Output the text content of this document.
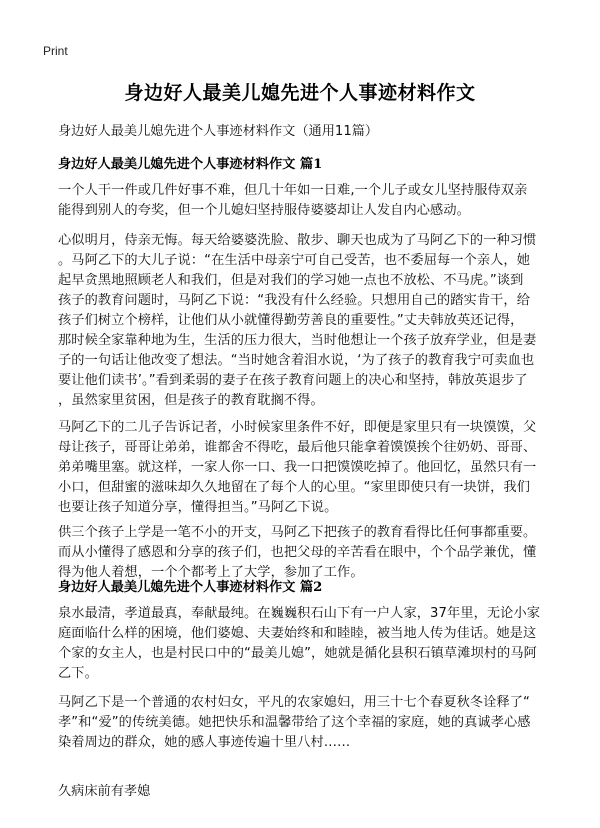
Print
身边好人最美儿媳先进个人事迹材料作文
身边好人最美儿媳先进个人事迹材料作文（通用11篇）
身边好人最美儿媳先进个人事迹材料作文 篇1
一个人干一件或几件好事不难，但几十年如一日难,一个儿子或女儿坚持服侍双亲
能得到别人的夸奖，但一个儿媳妇坚持服侍婆婆却让人发自内心感动。
心似明月，侍亲无悔。每天给婆婆洗脸、散步、聊天也成为了马阿乙下的一种习惯
。马阿乙下的大儿子说：“在生活中母亲宁可自己受苦，也不委屈每一个亲人，她
起早贪黑地照顾老人和我们，但是对我们的学习她一点也不放松、不马虎。”谈到
孩子的教育问题时，马阿乙下说：“我没有什么经验。只想用自己的踏实肯干，给
孩子们树立个榜样，让他们从小就懂得勤劳善良的重要性。”丈夫韩放英还记得，
那时候全家靠种地为生，生活的压力很大，当时他想让一个孩子放弃学业，但是妻
子的一句话让他改变了想法。“当时她含着泪水说，‘为了孩子的教育我宁可卖血也
要让他们读书’。”看到柔弱的妻子在孩子教育问题上的决心和坚持，韩放英退步了
，虽然家里贫困，但是孩子的教育耽搁不得。
马阿乙下的二儿子告诉记者，小时候家里条件不好，即便是家里只有一块馍馍，父
母让孩子，哥哥让弟弟，谁都舍不得吃，最后他只能拿着馍馍挨个往奶奶、哥哥、
弟弟嘴里塞。就这样，一家人你一口、我一口把馍馍吃掉了。他回忆，虽然只有一
小口，但甜蜜的滋味却久久地留在了每个人的心里。“家里即使只有一块饼，我们
也要让孩子知道分享，懂得担当。”马阿乙下说。
供三个孩子上学是一笔不小的开支，马阿乙下把孩子的教育看得比任何事都重要。
而从小懂得了感恩和分享的孩子们，也把父母的辛苦看在眼中，个个品学兼优，懂
得为他人着想，一个个都考上了大学，参加了工作。
身边好人最美儿媳先进个人事迹材料作文 篇2
泉水最清，孝道最真，奉献最纯。在巍巍积石山下有一户人家，37年里，无论小家
庭面临什么样的困境，他们婆媳、夫妻始终和和睦睦，被当地人传为佳话。她是这
个家的女主人，也是村民口中的“最美儿媳”，她就是循化县积石镇草滩坝村的马阿
乙下。
马阿乙下是一个普通的农村妇女，平凡的农家媳妇，用三十七个春夏秋冬诠释了“
孝”和“爱”的传统美德。她把快乐和温馨带给了这个幸福的家庭，她的真诚孝心感
染着周边的群众，她的感人事迹传遍十里八村……
久病床前有孝媳
